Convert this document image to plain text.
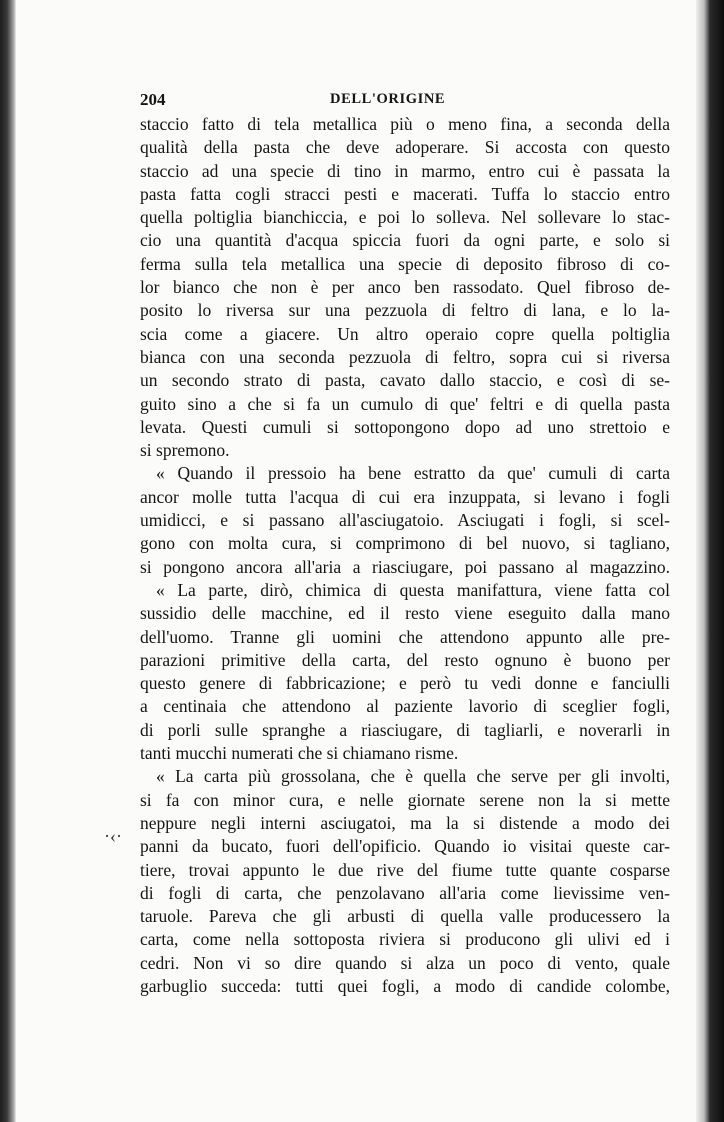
204	DELL'ORIGINE
staccio fatto di tela metallica più o meno fina, a seconda della
qualità della pasta che deve adoperare. Si accosta con questo
staccio ad una specie di tino in marmo, entro cui è passata la
pasta fatta cogli stracci pesti e macerati. Tuffa lo staccio entro
quella poltiglia bianchiccia, e poi lo solleva. Nel sollevare lo stac-
cio una quantità d'acqua spiccia fuori da ogni parte, e solo si
ferma sulla tela metallica una specie di deposito fibroso di co-
lor bianco che non è per anco ben rassodato. Quel fibroso de-
posito lo riversa sur una pezzuola di feltro di lana, e lo la-
scia come a giacere. Un altro operaio copre quella poltiglia
bianca con una seconda pezzuola di feltro, sopra cui si riversa
un secondo strato di pasta, cavato dallo staccio, e così di se-
guito sino a che si fa un cumulo di que' feltri e di quella pasta
levata. Questi cumuli si sottopongono dopo ad uno strettoio e
si spremono.
« Quando il pressoio ha bene estratto da que' cumuli di carta
ancor molle tutta l'acqua di cui era inzuppata, si levano i fogli
umidicci, e si passano all'asciugatoio. Asciugati i fogli, si scel-
gono con molta cura, si comprimono di bel nuovo, si tagliano,
si pongono ancora all'aria a riasciugare, poi passano al magazzino.
« La parte, dirò, chimica di questa manifattura, viene fatta col
sussidio delle macchine, ed il resto viene eseguito dalla mano
dell'uomo. Tranne gli uomini che attendono appunto alle pre-
parazioni primitive della carta, del resto ognuno è buono per
questo genere di fabbricazione; e però tu vedi donne e fanciulli
a centinaia che attendono al paziente lavorio di sceglier fogli,
di porli sulle spranghe a riasciugare, di tagliarli, e noverarli in
tanti mucchi numerati che si chiamano risme.
« La carta più grossolana, che è quella che serve per gli involti,
si fa con minor cura, e nelle giornate serene non la si mette
neppure negli interni asciugatoi, ma la si distende a modo dei
panni da bucato, fuori dell'opificio. Quando io visitai queste car-
tiere, trovai appunto le due rive del fiume tutte quante cosparse
di fogli di carta, che penzolavano all'aria come lievissime ven-
taruole. Pareva che gli arbusti di quella valle producessero la
carta, come nella sottoposta riviera si producono gli ulivi ed i
cedri. Non vi so dire quando si alza un poco di vento, quale
garbuglio succeda: tutti quei fogli, a modo di candide colombe,
·‹·
